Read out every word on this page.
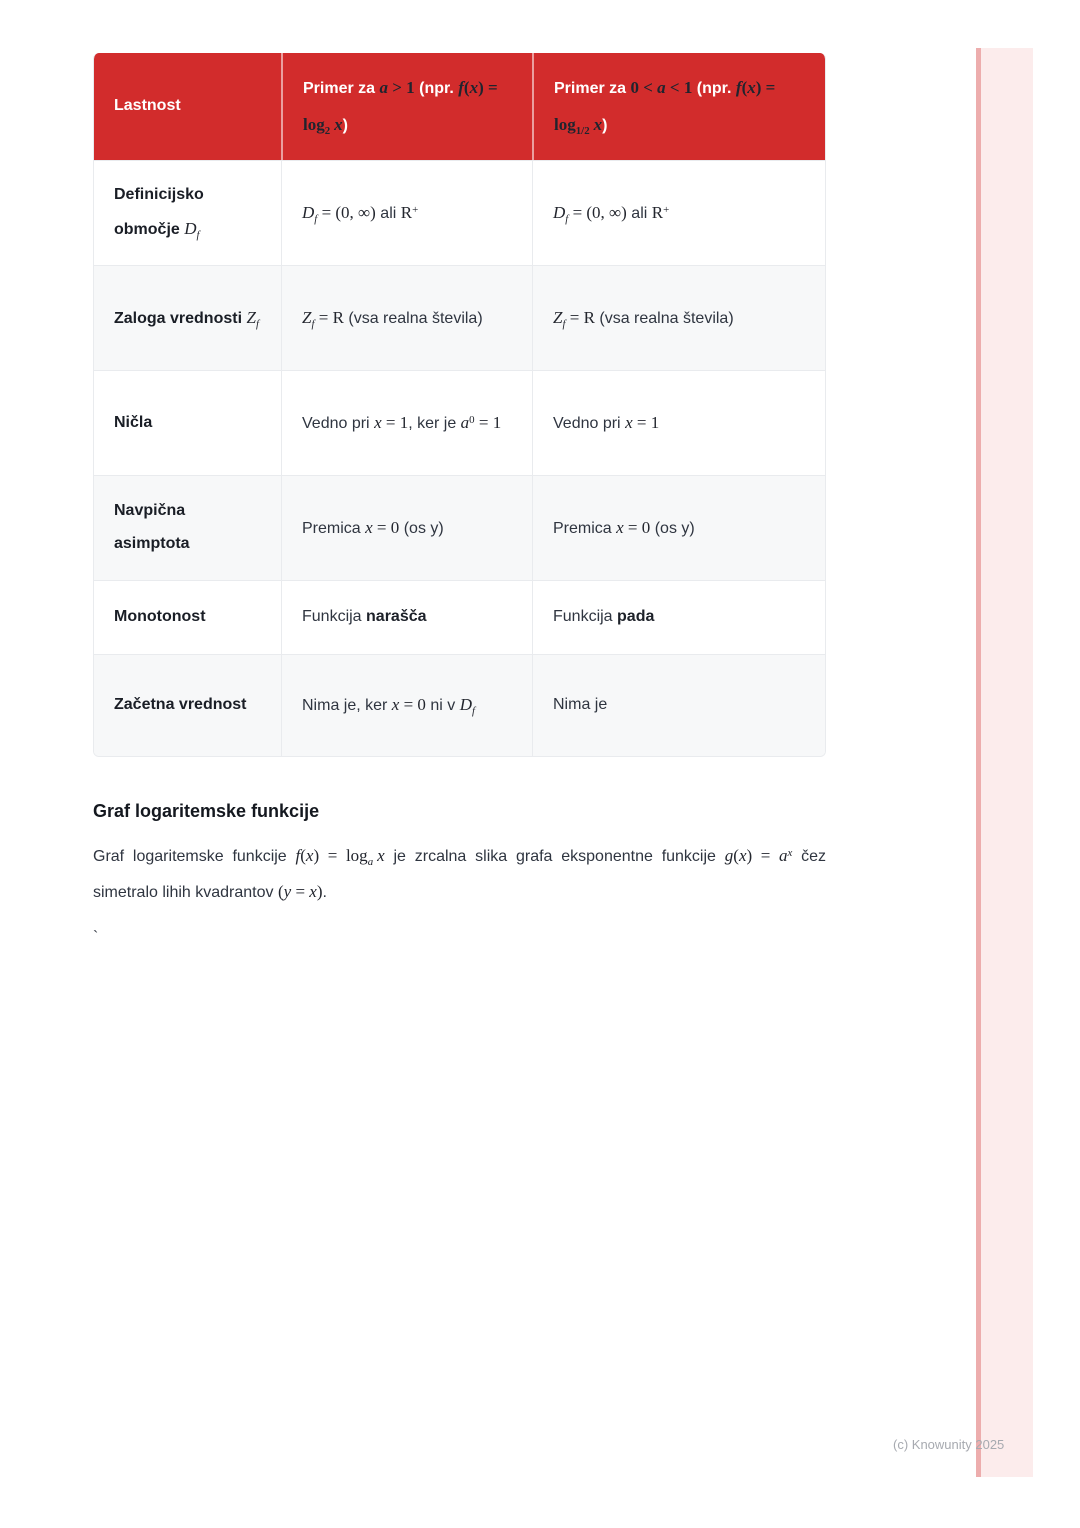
Lastnost	Primer za a > 1 (npr. $f(x) = \log_2 x$)	Primer za 0 < a < 1 (npr. $f(x) = \log_{1/2} x$)
Definicijsko območje $D_f$	$D_f = (0$, ∞) ali R+	$D_f = (0$, ∞) ali R+
Zaloga vrednosti $Z_f$	$Z_f = R$ (vsa realna števila)	$Z_f = R$ (vsa realna števila)
Ničla	Vedno pri x = 1, ker je $a^0 = 1$	Vedno pri x = 1
Navpična asimptota	Premica x = 0 (os y)	Premica x = 0 (os y)
Monotonost	Funkcija narašča	Funkcija pada
Začetna vrednost	Nima je, ker x = 0 ni v $D_f$	Nima je
Graf logaritemske funkcije

Graf logaritemske funkcije $f(x) = \log_a x$ je zrcalna slika grafa eksponentne funkcije $g(x) = a^x$ čez simetralo lihih kvadrantov (y = x).

`
(c) Knowunity 2025
